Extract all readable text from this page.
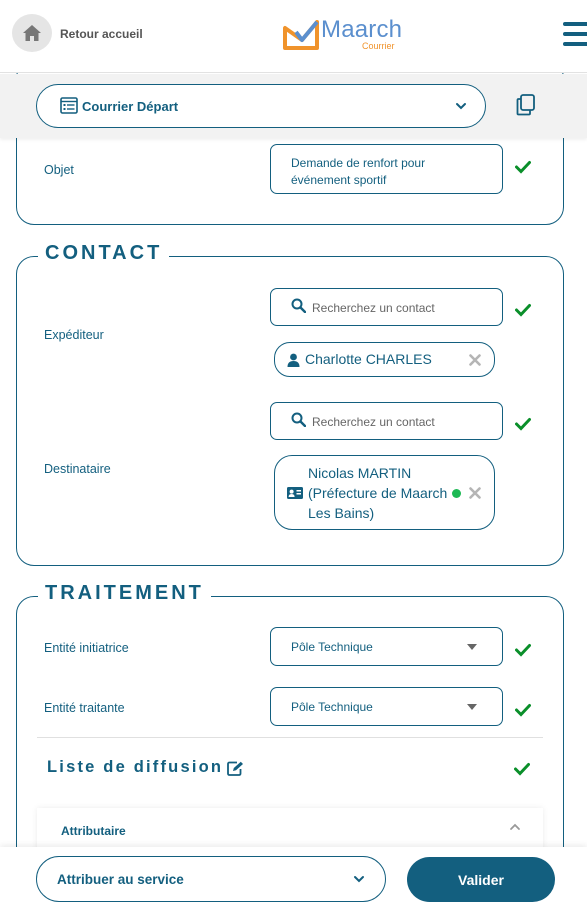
Retour accueil	Maarch
Courrier
Courrier Départ
Objet	Demande de renfort pour événement sportif
CONTACT
Expéditeur
Recherchez un contact
Charlotte CHARLES
Destinataire
Recherchez un contact
Nicolas MARTIN (Préfecture de Maarch Les Bains)
TRAITEMENT
Entité initiatrice	Pôle Technique
Entité traitante	Pôle Technique
Liste de diffusion
Attributaire
Attribuer au service	Valider
